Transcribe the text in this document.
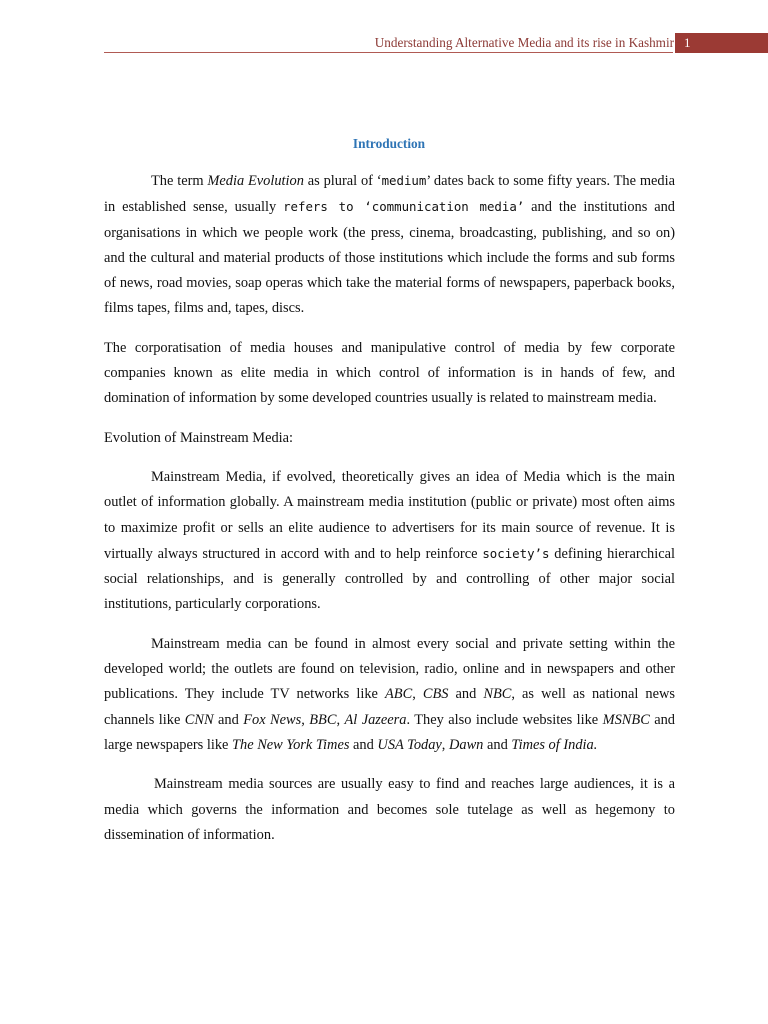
Understanding Alternative Media and its rise in Kashmir 1
Introduction

The term Media Evolution as plural of ‘medium’ dates back to some fifty years. The media in established sense, usually refers to ‘communication media’ and the institutions and organisations in which we people work (the press, cinema, broadcasting, publishing, and so on) and the cultural and material products of those institutions which include the forms and sub forms of news, road movies, soap operas which take the material forms of newspapers, paperback books, films tapes, films and, tapes, discs.

The corporatisation of media houses and manipulative control of media by few corporate companies known as elite media in which control of information is in hands of few, and domination of information by some developed countries usually is related to mainstream media.

Evolution of Mainstream Media:

Mainstream Media, if evolved, theoretically gives an idea of Media which is the main outlet of information globally. A mainstream media institution (public or private) most often aims to maximize profit or sells an elite audience to advertisers for its main source of revenue. It is virtually always structured in accord with and to help reinforce society’s defining hierarchical social relationships, and is generally controlled by and controlling of other major social institutions, particularly corporations.

Mainstream media can be found in almost every social and private setting within the developed world; the outlets are found on television, radio, online and in newspapers and other publications. They include TV networks like ABC, CBS and NBC, as well as national news channels like CNN and Fox News, BBC, Al Jazeera. They also include websites like MSNBC and large newspapers like The New York Times and USA Today, Dawn and Times of India.

Mainstream media sources are usually easy to find and reaches large audiences, it is a media which governs the information and becomes sole tutelage as well as hegemony to dissemination of information.
